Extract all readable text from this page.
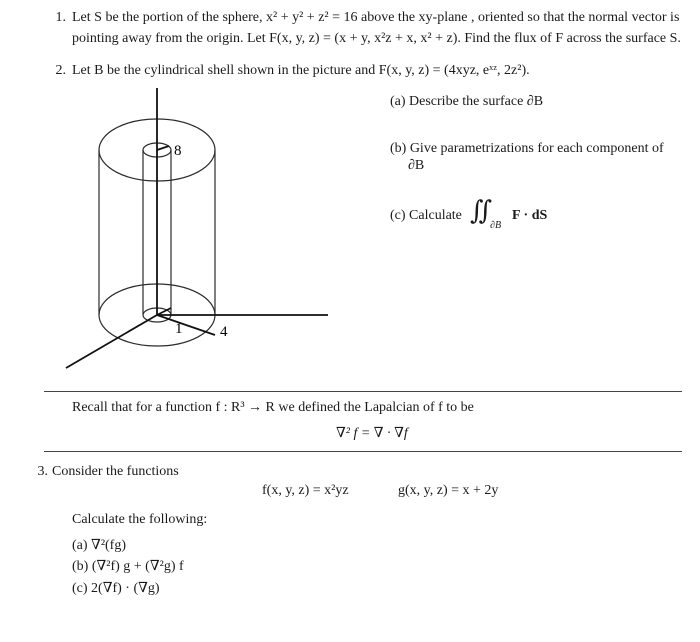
1. Let S be the portion of the sphere, x² + y² + z² = 16 above the xy-plane , oriented so that the normal vector is
pointing away from the origin. Let F(x, y, z) = (x + y, x²z + x, x² + z). Find the flux of F across the surface S.
2. Let B be the cylindrical shell shown in the picture and F(x, y, z) = (4xyz, eˣᶻ, 2z²).
(a) Describe the surface ∂B
(b) Give parametrizations for each component of
∂B
(c) Calculate ∬
∂B
F · dS
8
1	4
Recall that for a function f : R³ → R we defined the Lapalcian of f to be
∇² f = ∇ · ∇f
3. Consider the functions
f(x, y, z) = x²yz	g(x, y, z) = x + 2y
Calculate the following:
(a) ∇²(fg)
(b) (∇²f) g + (∇²g) f
(c) 2(∇f) · (∇g)
